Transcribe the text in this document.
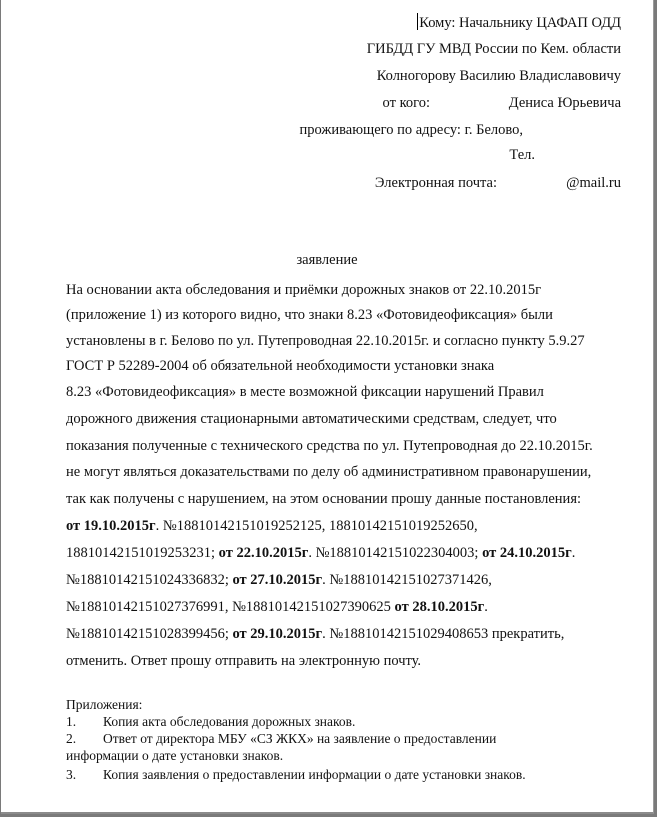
Кому: Начальнику ЦАФАП ОДД
ГИБДД ГУ МВД России по Кем. области
Колногорову Василию Владиславовичу
от кого:	Дениса Юрьевича
проживающего по адресу: г. Белово,
Тел.
Электронная почта:	@mail.ru
заявление
На основании акта обследования и приёмки дорожных знаков от 22.10.2015г
(приложение 1) из которого видно, что знаки 8.23 «Фотовидеофиксация» были
установлены в г. Белово по ул. Путепроводная 22.10.2015г. и согласно пункту 5.9.27
ГОСТ Р 52289-2004 об обязательной необходимости установки знака
8.23 «Фотовидеофиксация» в месте возможной фиксации нарушений Правил
дорожного движения стационарными автоматическими средствам, следует, что
показания полученные с технического средства по ул. Путепроводная до 22.10.2015г.
не могут являться доказательствами по делу об административном правонарушении,
так как получены с нарушением, на этом основании прошу данные постановления:
от 19.10.2015г. №18810142151019252125, 18810142151019252650,
18810142151019253231; от 22.10.2015г. №18810142151022304003; от 24.10.2015г.
№18810142151024336832; от 27.10.2015г. №18810142151027371426,
№18810142151027376991, №18810142151027390625 от 28.10.2015г.
№18810142151028399456; от 29.10.2015г. №18810142151029408653 прекратить,
отменить. Ответ прошу отправить на электронную почту.
Приложения:
1. Копия акта обследования дорожных знаков.
2. Ответ от директора МБУ «СЗ ЖКХ» на заявление о предоставлении
информации о дате установки знаков.
3. Копия заявления о предоставлении информации о дате установки знаков.
